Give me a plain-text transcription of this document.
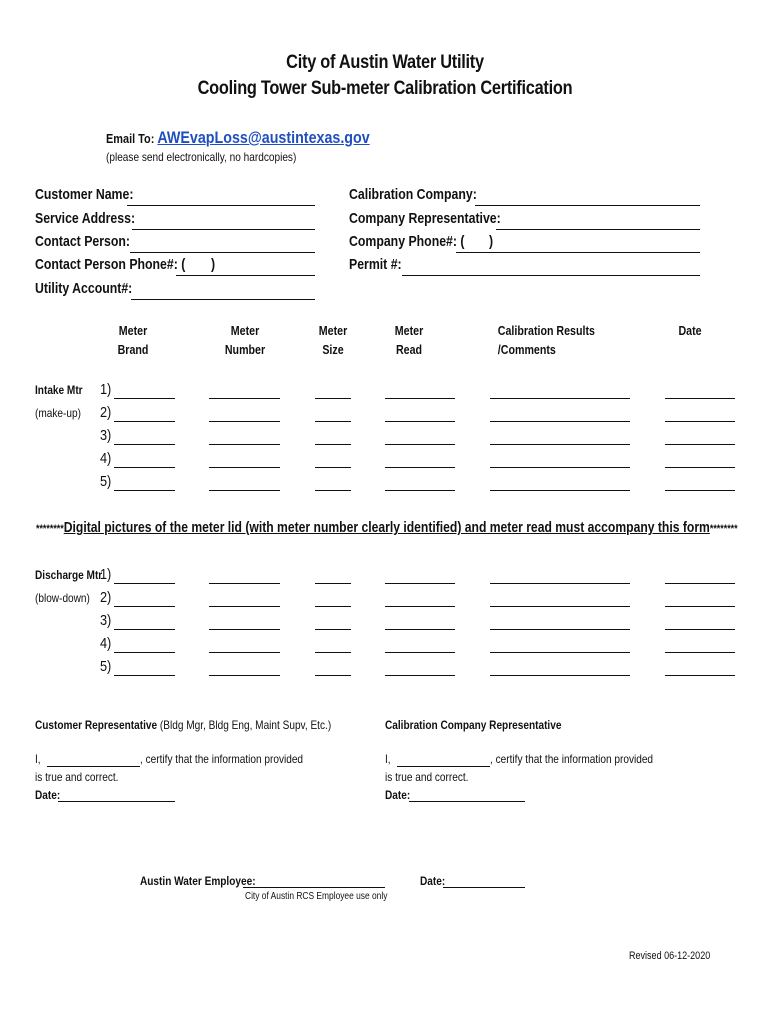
City of Austin Water Utility
Cooling Tower Sub-meter Calibration Certification
Email To: AWEvapLoss@austintexas.gov
(please send electronically, no hardcopies)
Customer Name:
Service Address:
Contact Person:
Contact Person Phone#: ( )
Utility Account#:
Calibration Company:
Company Representative:
Company Phone#: ( )
Permit #:
Meter
Brand
Meter
Number
Meter
Size
Meter
Read
Calibration Results
/Comments
Date
Intake Mtr
(make-up)
1)
2)
3)
4)
5)
********Digital pictures of the meter lid (with meter number clearly identified) and meter read must accompany this form********
Discharge Mtr
(blow-down)
1)
2)
3)
4)
5)
Customer Representative (Bldg Mgr, Bldg Eng, Maint Supv, Etc.)
I,	, certify that the information provided
is true and correct.
Date:
Calibration Company Representative
I,	, certify that the information provided
is true and correct.
Date:
Austin Water Employee:
City of Austin RCS Employee use only
Date:
Revised 06-12-2020
